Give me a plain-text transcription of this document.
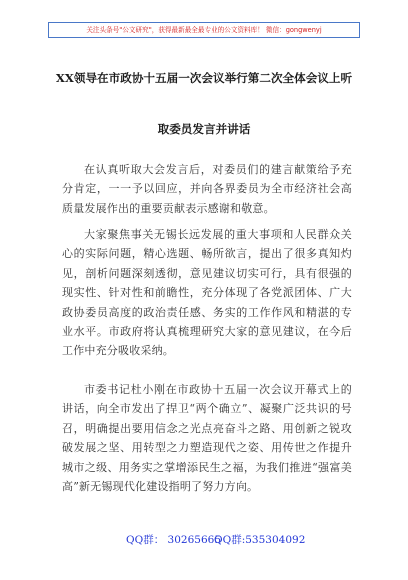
关注头条号"公文研究"，获得最新最全最专业的公文资料库！ 微信：gongwenyj
XX领导在市政协十五届一次会议举行第二次全体会议上听
取委员发言并讲话

在认真听取大会发言后，对委员们的建言献策给予充分肯定，一一予以回应，并向各界委员为全市经济社会高质量发展作出的重要贡献表示感谢和敬意。

大家聚焦事关无锡长远发展的重大事项和人民群众关心的实际问题，精心选题、畅所欲言，提出了很多真知灼见，剖析问题深刻透彻，意见建议切实可行，具有很强的现实性、针对性和前瞻性，充分体现了各党派团体、广大政协委员高度的政治责任感、务实的工作作风和精湛的专业水平。市政府将认真梳理研究大家的意见建议，在今后工作中充分吸收采纳。

市委书记杜小刚在市政协十五届一次会议开幕式上的讲话，向全市发出了捍卫“两个确立”、凝聚广泛共识的号召，明确提出要用信念之光点亮奋斗之路、用创新之锐攻破发展之坚、用转型之力塑造现代之姿、用传世之作提升城市之级、用务实之掌增添民生之福，为我们推进“强富美高”新无锡现代化建设指明了努力方向。

QQ群： 30265665
QQ群:535304092
